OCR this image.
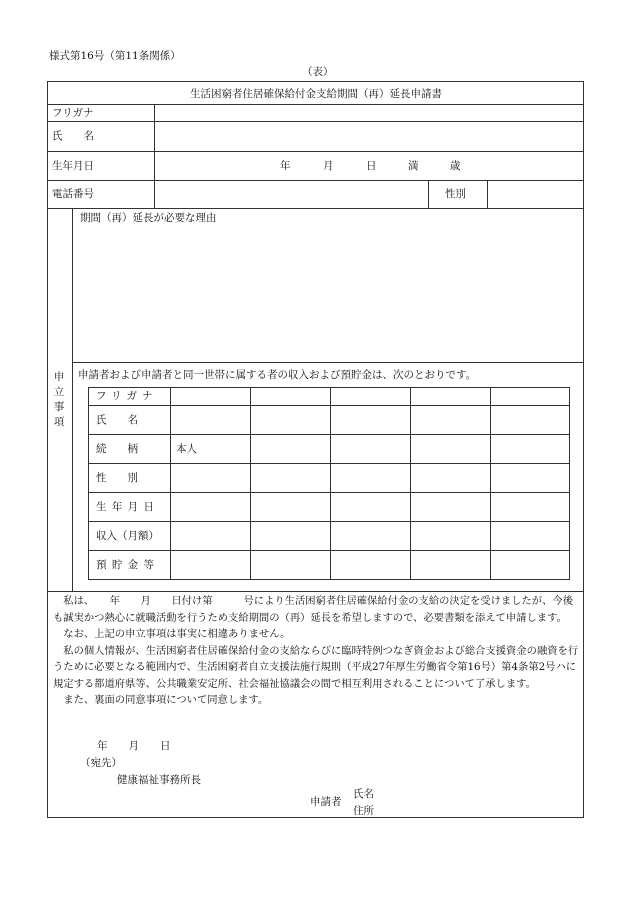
様式第16号（第11条関係）
（表）
生活困窮者住居確保給付金支給期間（再）延長申請書
フリガナ
氏　　名
生年月日	年	月	日	満	歳
電話番号	性別
申
立
事
項
期間（再）延長が必要な理由
申請者および申請者と同一世帯に属する者の収入および預貯金は、次のとおりです。
フリガナ
氏　　名
続　　柄	本人
性　　別
生 年 月 日
収入（月額）
預 貯 金 等

　私は、　　年　　月　　日付け第　　　号により生活困窮者住居確保給付金の支給の決定を受けましたが、今後も誠実かつ熱心に就職活動を行うため支給期間の（再）延長を希望しますので、必要書類を添えて申請します。

　なお、上記の申立事項は事実に相違ありません。

　私の個人情報が、生活困窮者住居確保給付金の支給ならびに臨時特例つなぎ資金および総合支援資金の融資を行うために必要となる範囲内で、生活困窮者自立支援法施行規則（平成27年厚生労働省令第16号）第4条第2号ハに規定する都道府県等、公共職業安定所、社会福祉協議会の間で相互利用されることについて了承します。

　また、裏面の同意事項について同意します。

年　　月　　日
（宛先）
健康福祉事務所長
申請者
氏名
住所
